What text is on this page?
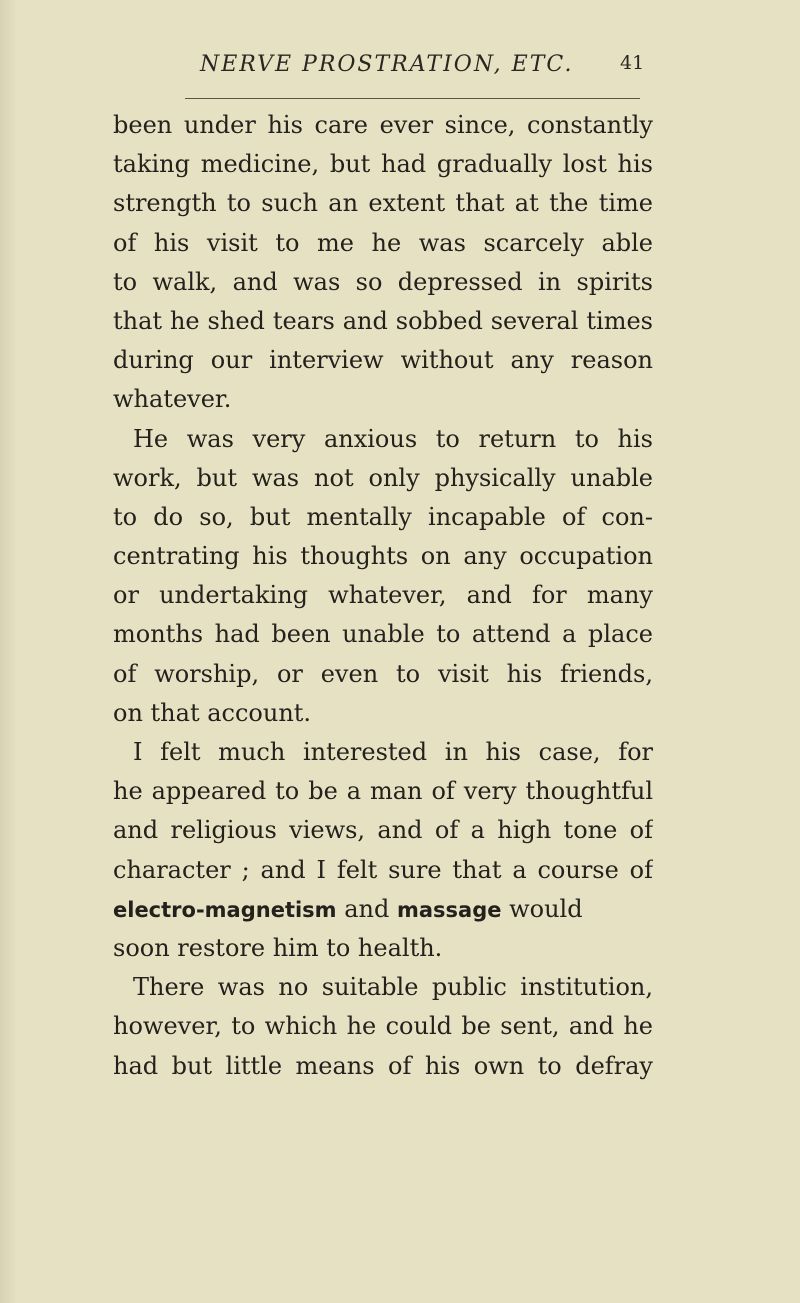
NERVE PROSTRATION, ETC.	41
been under his care ever since, constantly
taking medicine, but had gradually lost his
strength to such an extent that at the time
of his visit to me he was scarcely able
to walk, and was so depressed in spirits
that he shed tears and sobbed several times
during our interview without any reason
whatever.
He was very anxious to return to his
work, but was not only physically unable
to do so, but mentally incapable of con-
centrating his thoughts on any occupation
or undertaking whatever, and for many
months had been unable to attend a place
of worship, or even to visit his friends,
on that account.
I felt much interested in his case, for
he appeared to be a man of very thoughtful
and religious views, and of a high tone of
character ; and I felt sure that a course of
electro-magnetism and massage would
soon restore him to health.
There was no suitable public institution,
however, to which he could be sent, and he
had but little means of his own to defray
